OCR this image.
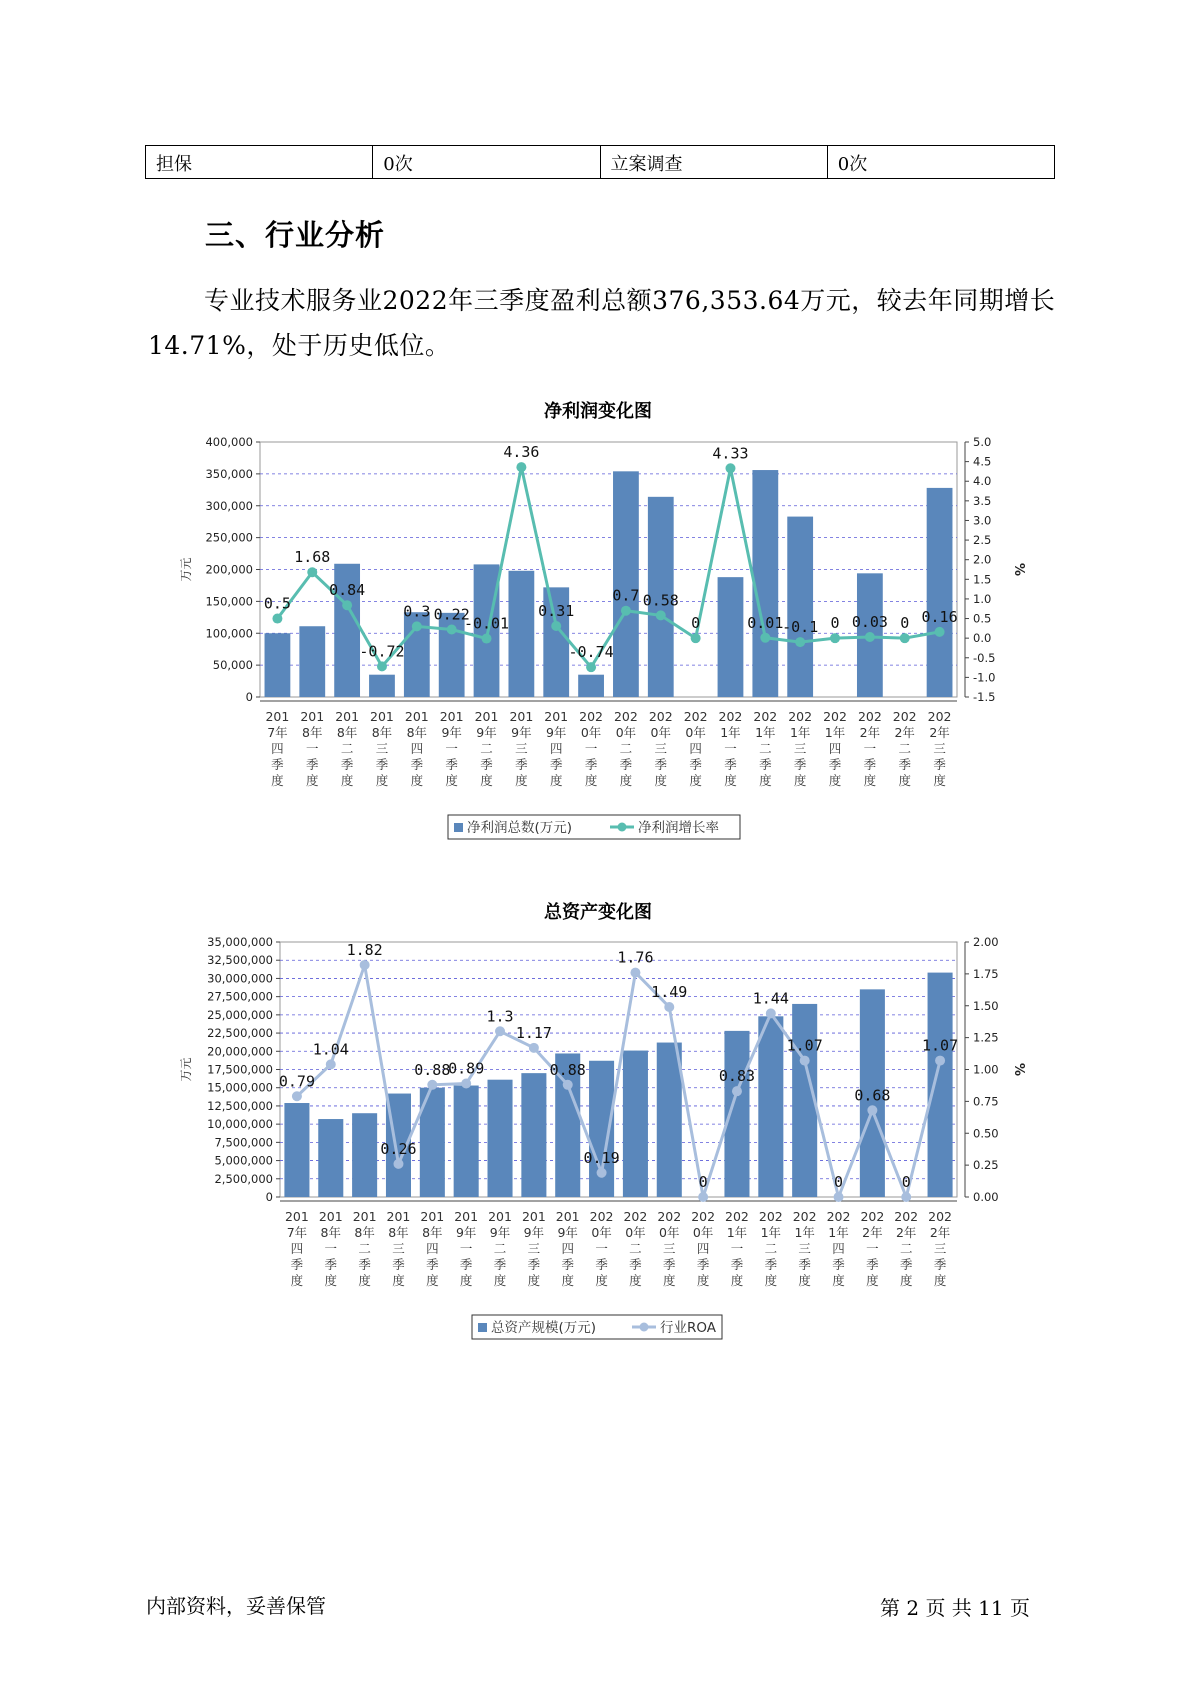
担保	0次	立案调查	0次
三、行业分析
专业技术服务业2022年三季度盈利总额376,353.64万元，较去年同期增长14.71%，处于历史低位。
净利润变化图
0
50,000
100,000
150,000
200,000
250,000
300,000
350,000
400,000
-1.5
-1.0
-0.5
0.0
0.5
1.0
1.5
2.0
2.5
3.0
3.5
4.0
4.5
5.0
万元	%
201
7年
四
季
度
201
8年
一
季
度
201
8年
二
季
度
201
8年
三
季
度
201
8年
四
季
度
201
9年
一
季
度
201
9年
二
季
度
201
9年
三
季
度
201
9年
四
季
度
202
0年
一
季
度
202
0年
二
季
度
202
0年
三
季
度
202
0年
四
季
度
202
1年
一
季
度
202
1年
二
季
度
202
1年
三
季
度
202
1年
四
季
度
202
2年
一
季
度
202
2年
二
季
度
202
2年
三
季
度
0.5
1.68
0.84
-0.72
0.3 0.22
-0.01
4.36
0.31
-0.74
0.7 0.58
0
4.33
0.01
-0.1 0 0.03 0 0.16
净利润总数(万元)	净利润增长率
总资产变化图
0
2,500,000
5,000,000
7,500,000
10,000,000
12,500,000
15,000,000
17,500,000
20,000,000
22,500,000
25,000,000
27,500,000
30,000,000
32,500,000
35,000,000
0.00
0.25
0.50
0.75
1.00
1.25
1.50
1.75
2.00
万元	%
201
7年
四
季
度
201
8年
一
季
度
201
8年
二
季
度
201
8年
三
季
度
201
8年
四
季
度
201
9年
一
季
度
201
9年
二
季
度
201
9年
三
季
度
201
9年
四
季
度
202
0年
一
季
度
202
0年
二
季
度
202
0年
三
季
度
202
0年
四
季
度
202
1年
一
季
度
202
1年
二
季
度
202
1年
三
季
度
202
1年
四
季
度
202
2年
一
季
度
202
2年
二
季
度
202
2年
三
季
度
0.79
1.04
1.82
0.26
0.88
0.89
1.3
1.17
0.88
0.19
1.76
1.49
0
0.83
1.44
1.07
0
0.68
0
1.07
总资产规模(万元)	行业ROA
内部资料，妥善保管	第 2 页 共 11 页
